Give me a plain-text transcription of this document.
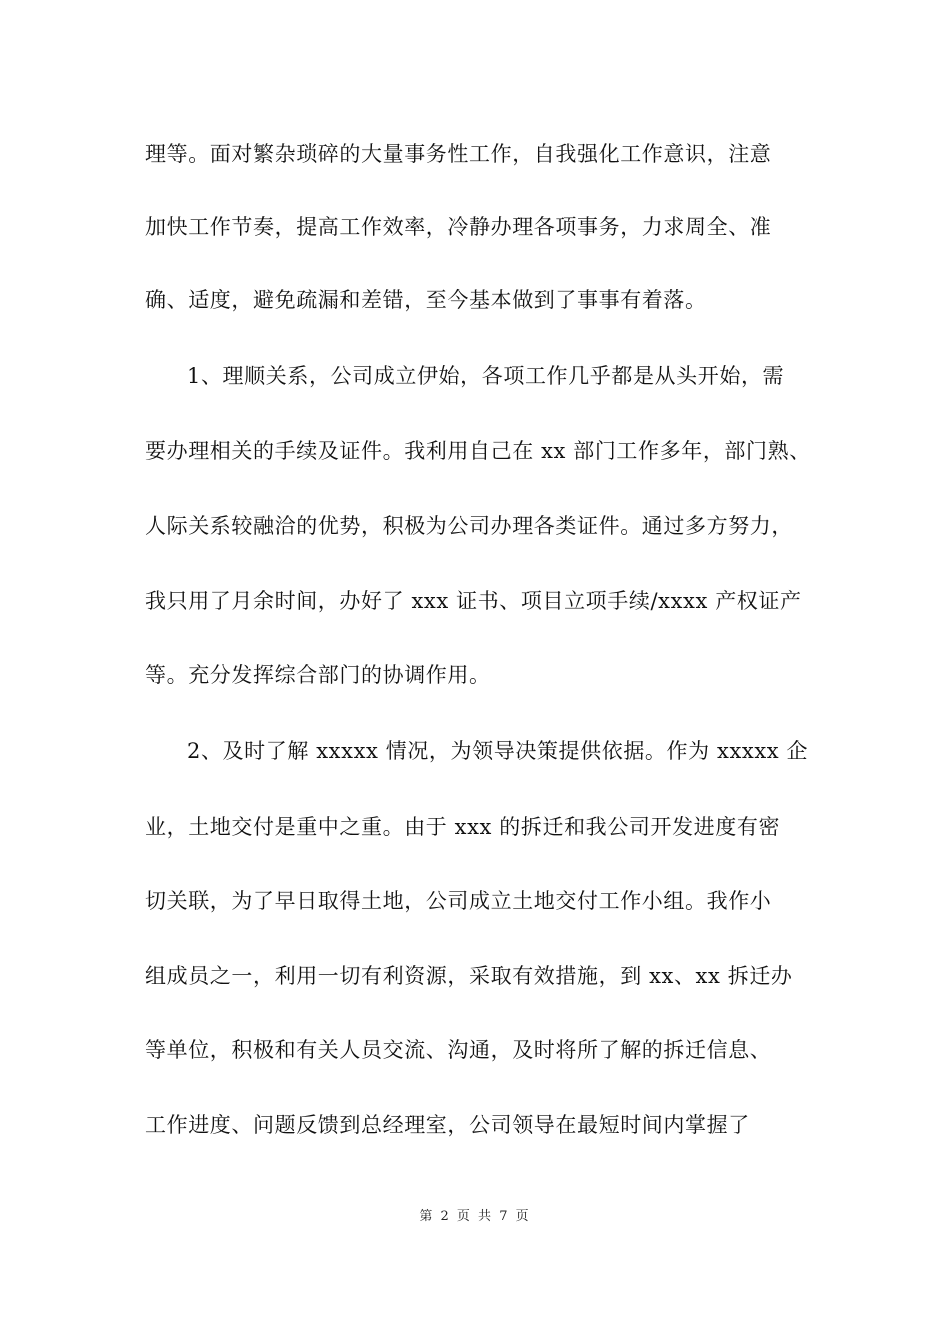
理等。面对繁杂琐碎的大量事务性工作，自我强化工作意识，注意
加快工作节奏，提高工作效率，冷静办理各项事务，力求周全、准
确、适度，避免疏漏和差错，至今基本做到了事事有着落。
1、理顺关系，公司成立伊始，各项工作几乎都是从头开始，需
要办理相关的手续及证件。我利用自己在 xx 部门工作多年，部门熟、
人际关系较融洽的优势，积极为公司办理各类证件。通过多方努力，
我只用了月余时间，办好了 xxx 证书、项目立项手续/xxxx 产权证产
等。充分发挥综合部门的协调作用。
2、及时了解 xxxxx 情况，为领导决策提供依据。作为 xxxxx 企
业，土地交付是重中之重。由于 xxx 的拆迁和我公司开发进度有密
切关联，为了早日取得土地，公司成立土地交付工作小组。我作小
组成员之一，利用一切有利资源，采取有效措施，到 xx、xx 拆迁办
等单位，积极和有关人员交流、沟通，及时将所了解的拆迁信息、
工作进度、问题反馈到总经理室，公司领导在最短时间内掌握了
第 2 页 共 7 页
